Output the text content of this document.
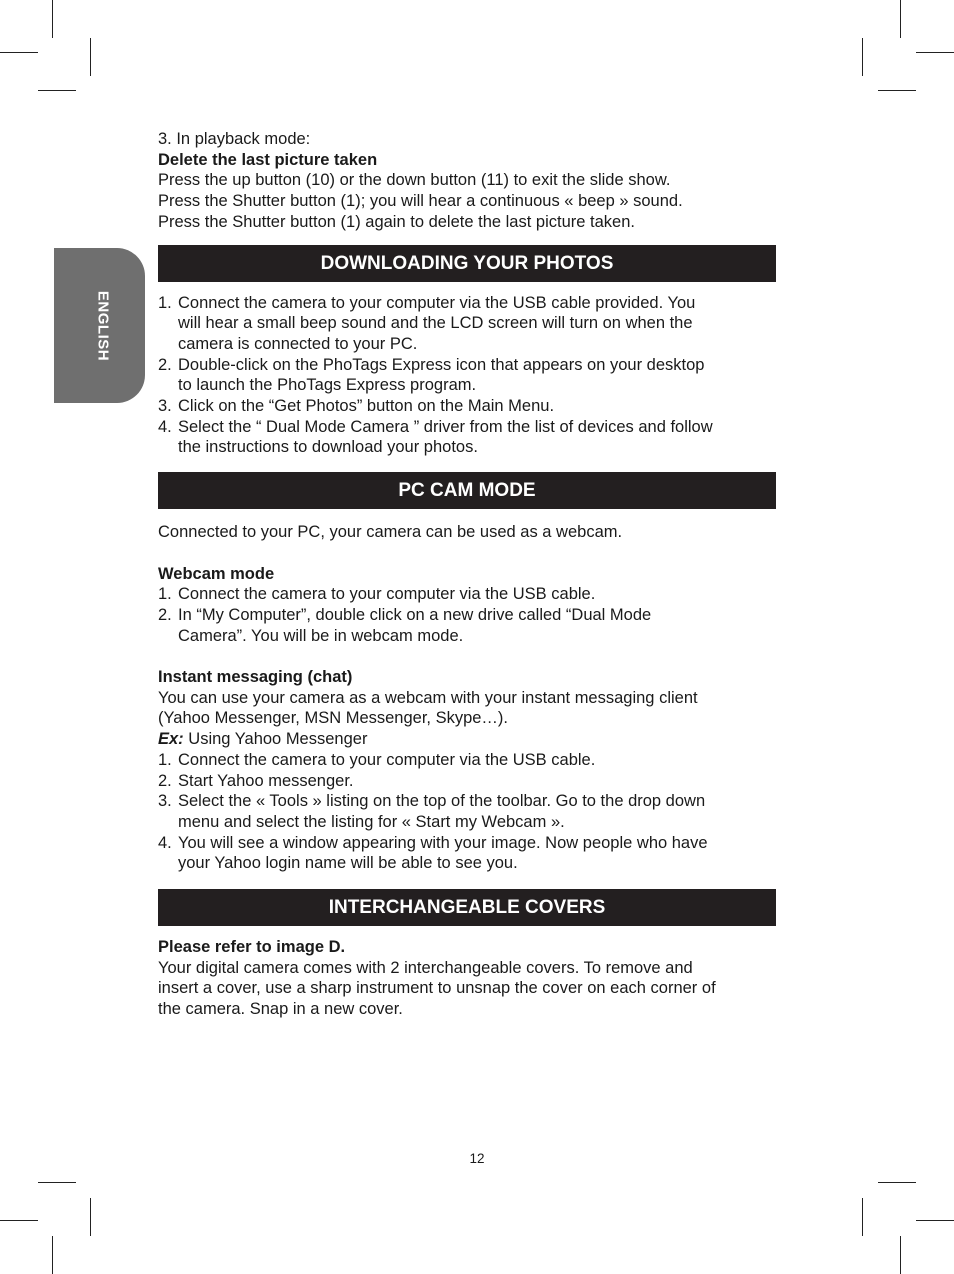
ENGLISH
3. In playback mode:
Delete the last picture taken
Press the up button (10) or the down button (11) to exit the slide show.
Press the Shutter button (1); you will hear a continuous « beep » sound.
Press the Shutter button (1) again to delete the last picture taken.
DOWNLOADING YOUR PHOTOS
1. Connect the camera to your computer via the USB cable provided. You
will hear a small beep sound and the LCD screen will turn on when the
camera is connected to your PC.
2. Double-click on the PhoTags Express icon that appears on your desktop
to launch the PhoTags Express program.
3. Click on the “Get Photos” button on the Main Menu.
4. Select the “ Dual Mode Camera ” driver from the list of devices and follow
the instructions to download your photos.
PC CAM MODE
Connected to your PC, your camera can be used as a webcam.
Webcam mode
1. Connect the camera to your computer via the USB cable.
2. In “My Computer”, double click on a new drive called “Dual Mode
Camera”. You will be in webcam mode.
Instant messaging (chat)
You can use your camera as a webcam with your instant messaging client
(Yahoo Messenger, MSN Messenger, Skype…).
Ex: Using Yahoo Messenger
1. Connect the camera to your computer via the USB cable.
2. Start Yahoo messenger.
3. Select the « Tools » listing on the top of the toolbar. Go to the drop down
menu and select the listing for « Start my Webcam ».
4. You will see a window appearing with your image. Now people who have
your Yahoo login name will be able to see you.
INTERCHANGEABLE COVERS
Please refer to image D.
Your digital camera comes with 2 interchangeable covers. To remove and
insert a cover, use a sharp instrument to unsnap the cover on each corner of
the camera. Snap in a new cover.
12
